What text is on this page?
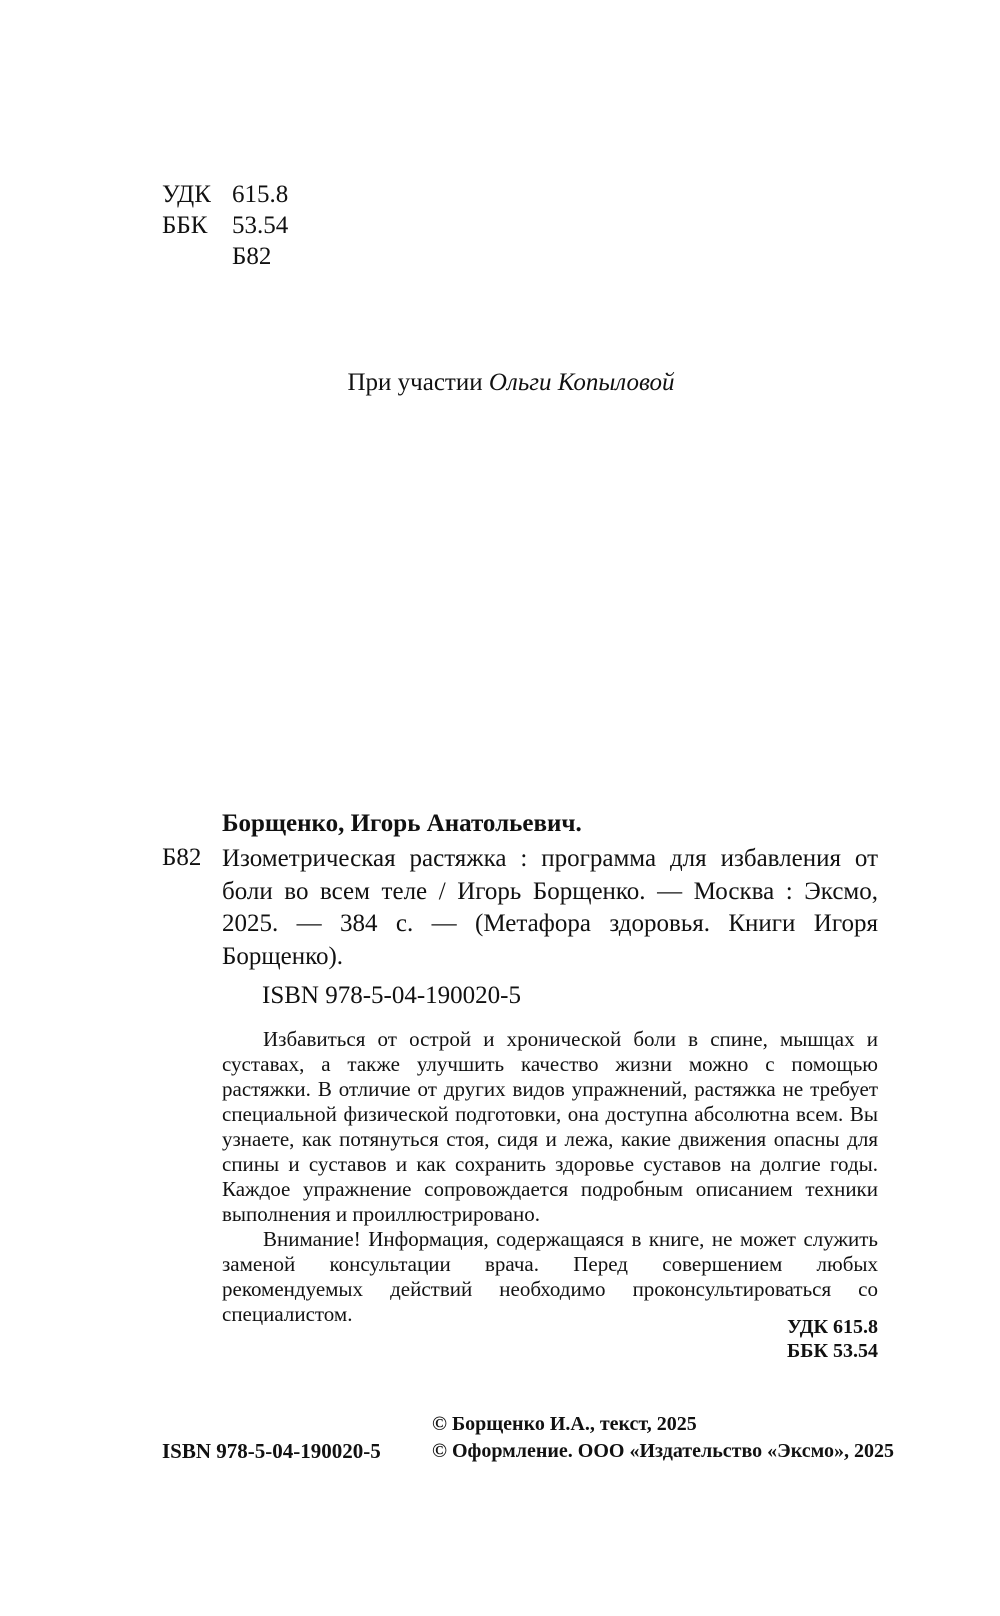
УДК 615.8
ББК 53.54
Б82
При участии Ольги Копыловой
Борщенко, Игорь Анатольевич.
Б82 Изометрическая растяжка : программа для избавления от боли во всем теле / Игорь Борщенко. — Москва : Эксмо, 2025. — 384 с. — (Метафора здоровья. Книги Игоря Борщенко).
ISBN 978-5-04-190020-5

Избавиться от острой и хронической боли в спине, мышцах и суставах, а также улучшить качество жизни можно с помощью растяжки. В отличие от других видов упражнений, растяжка не требует специальной физической подготовки, она доступна абсолютна всем. Вы узнаете, как потянуться стоя, сидя и лежа, какие движения опасны для спины и суставов и как сохранить здоровье суставов на долгие годы. Каждое упражнение сопровождается подробным описанием техники выполнения и проиллюстрировано.

Внимание! Информация, содержащаяся в книге, не может служить заменой консультации врача. Перед совершением любых рекомендуемых действий необходимо проконсультироваться со специалистом.

УДК 615.8
ББК 53.54
ISBN 978-5-04-190020-5
© Борщенко И.А., текст, 2025
© Оформление. ООО «Издательство «Эксмо», 2025
